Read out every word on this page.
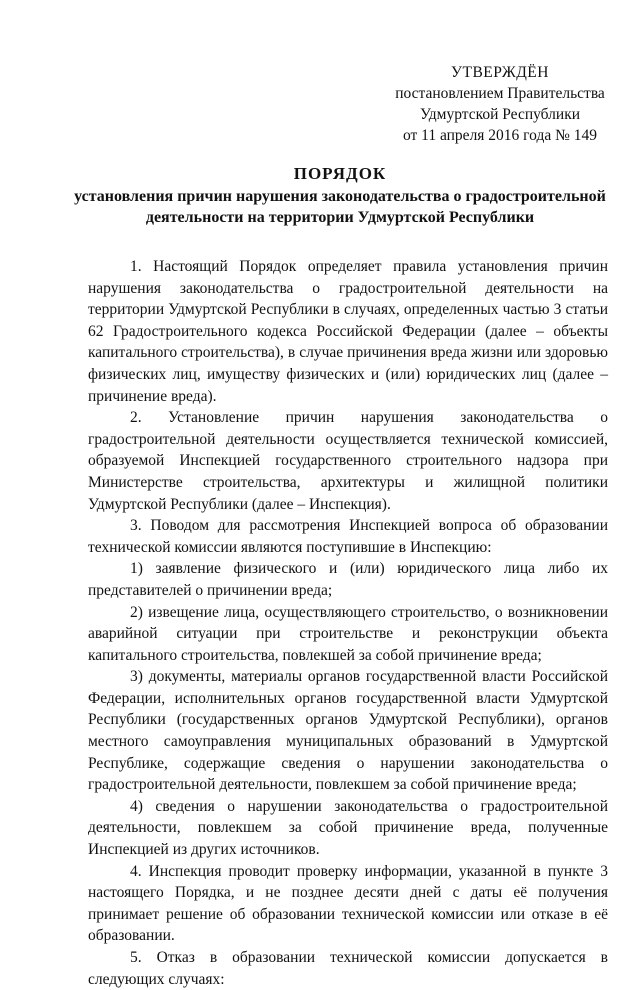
УТВЕРЖДЁН
постановлением Правительства
Удмуртской Республики
от 11 апреля 2016 года № 149
ПОРЯДОК
установления причин нарушения законодательства о градостроительной
деятельности на территории Удмуртской Республики

1. Настоящий Порядок определяет правила установления причин нарушения законодательства о градостроительной деятельности на территории Удмуртской Республики в случаях, определенных частью 3 статьи 62 Градостроительного кодекса Российской Федерации (далее – объекты капитального строительства), в случае причинения вреда жизни или здоровью физических лиц, имуществу физических и (или) юридических лиц (далее – причинение вреда).

2. Установление причин нарушения законодательства о градостроительной деятельности осуществляется технической комиссией, образуемой Инспекцией государственного строительного надзора при Министерстве строительства, архитектуры и жилищной политики Удмуртской Республики (далее – Инспекция).

3. Поводом для рассмотрения Инспекцией вопроса об образовании технической комиссии являются поступившие в Инспекцию:

1) заявление физического и (или) юридического лица либо их представителей о причинении вреда;

2) извещение лица, осуществляющего строительство, о возникновении аварийной ситуации при строительстве и реконструкции объекта капитального строительства, повлекшей за собой причинение вреда;

3) документы, материалы органов государственной власти Российской Федерации, исполнительных органов государственной власти Удмуртской Республики (государственных органов Удмуртской Республики), органов местного самоуправления муниципальных образований в Удмуртской Республике, содержащие сведения о нарушении законодательства о градостроительной деятельности, повлекшем за собой причинение вреда;

4) сведения о нарушении законодательства о градостроительной деятельности, повлекшем за собой причинение вреда, полученные Инспекцией из других источников.

4. Инспекция проводит проверку информации, указанной в пункте 3 настоящего Порядка, и не позднее десяти дней с даты её получения принимает решение об образовании технической комиссии или отказе в её образовании.

5. Отказ в образовании технической комиссии допускается в следующих случаях:
